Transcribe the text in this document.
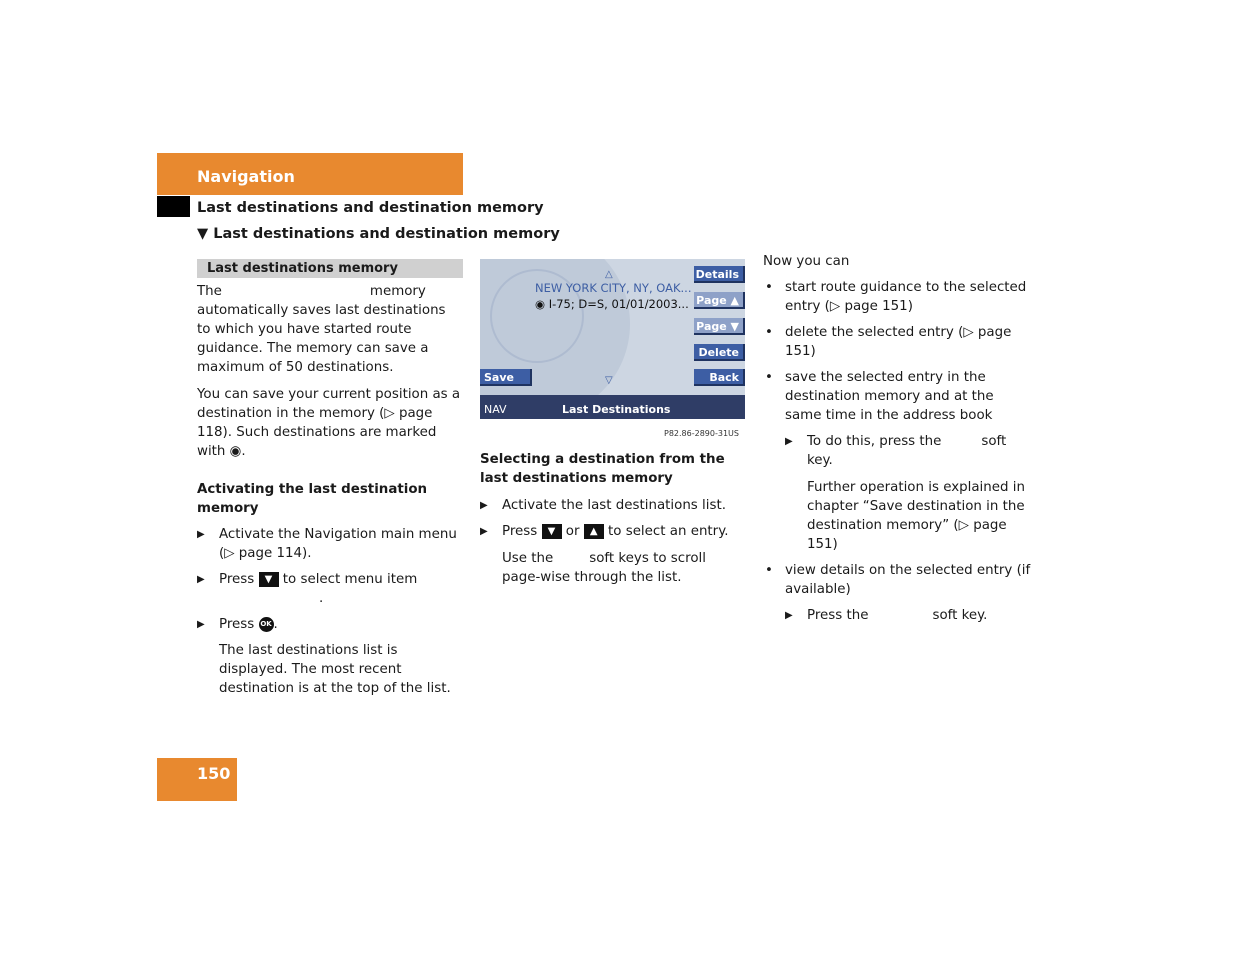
Navigation
Last destinations and destination memory
▼ Last destinations and destination memory
Last destinations memory

The	memory automatically saves last destinations to which you have started route guidance. The memory can save a maximum of 50 destinations.

You can save your current position as a destination in the memory (▷ page 118). Such destinations are marked with ◉.

Activating the last destination memory

▶ Activate the Navigation main menu (▷ page 114).

▶ Press ▼ to select menu item
.

▶ Press OK .

The last destinations list is displayed. The most recent destination is at the top of the list.

△
NEW YORK CITY, NY, OAK...
◉ I-75; D=S, 01/01/2003...
▽
Details
Page ▲
Page ▼
Delete
Save	Back
NAV	Last Destinations
P82.86-2890-31US

Selecting a destination from the last destinations memory

▶ Activate the last destinations list.

▶ Press ▼ or ▲ to select an entry.

Use the	soft keys to scroll page-wise through the list.

Now you can

• start route guidance to the selected entry (▷ page 151)

• delete the selected entry (▷ page 151)

• save the selected entry in the destination memory and at the same time in the address book

▶ To do this, press the	soft key.

Further operation is explained in chapter “Save destination in the destination memory” (▷ page 151)

• view details on the selected entry (if available)

▶ Press the	soft key.

150
